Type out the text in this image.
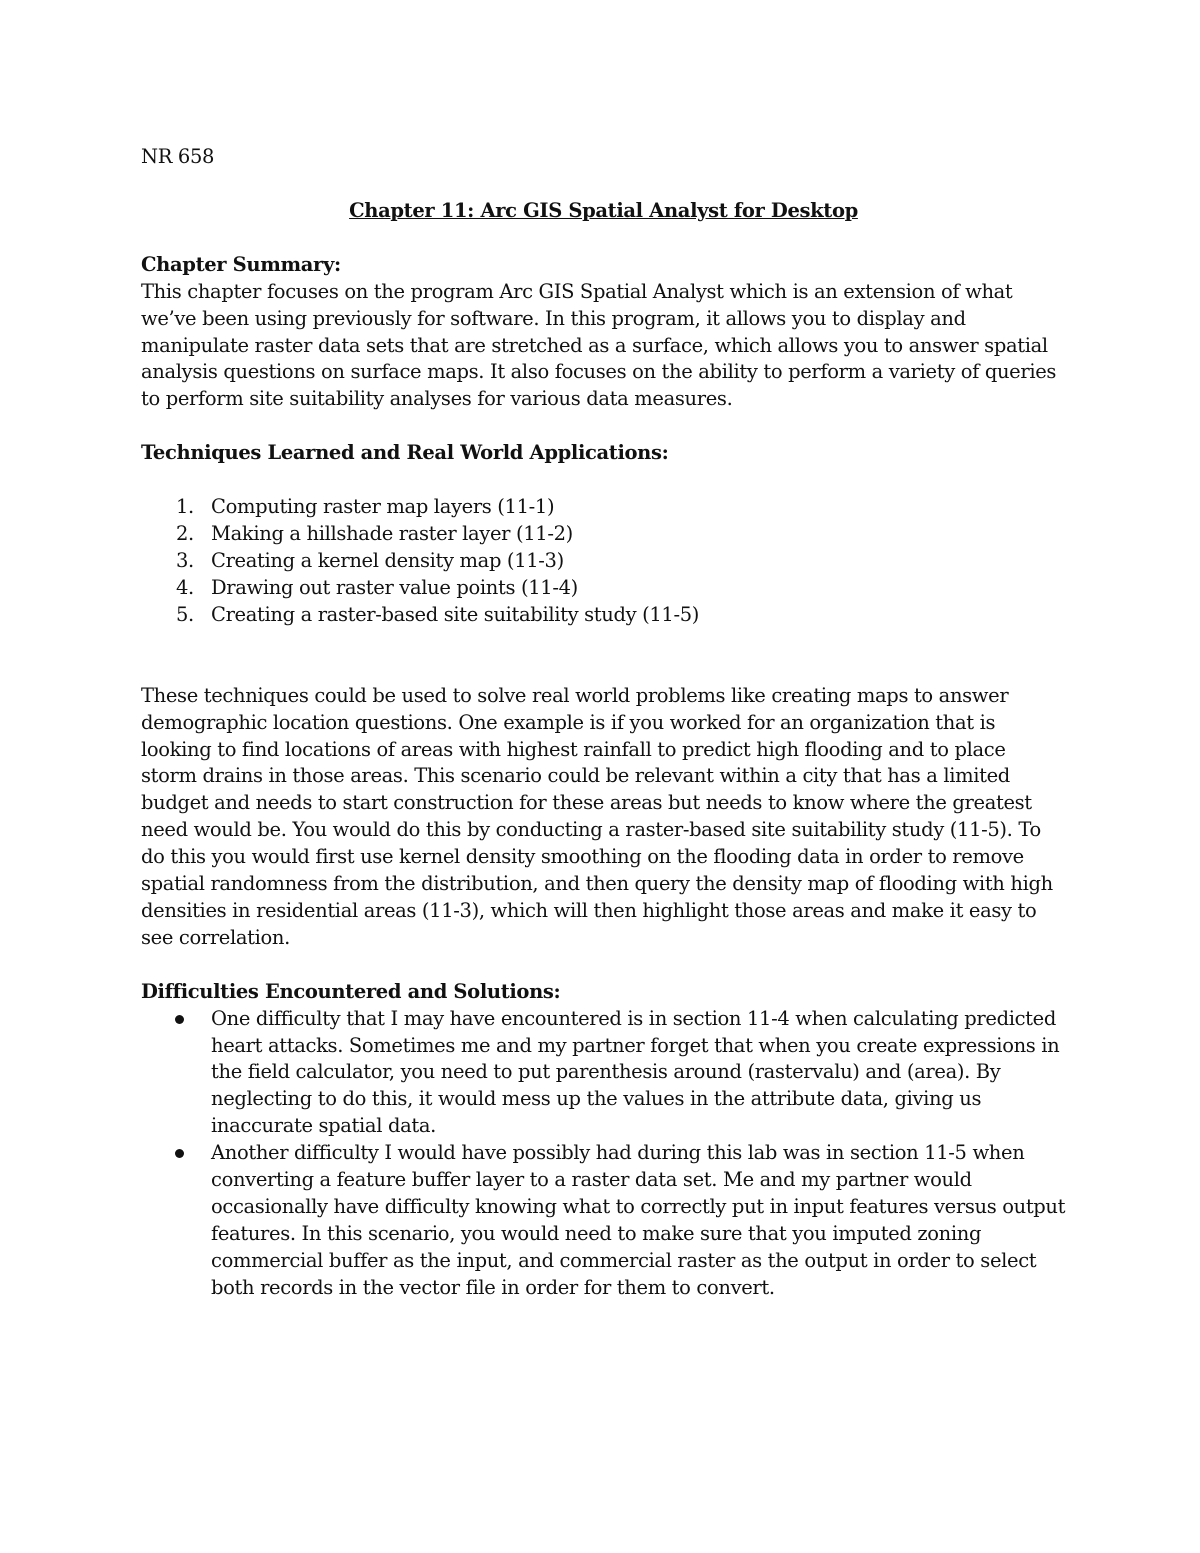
NR 658

Chapter 11: Arc GIS Spatial Analyst for Desktop

Chapter Summary:

This chapter focuses on the program Arc GIS Spatial Analyst which is an extension of what we’ve been using previously for software. In this program, it allows you to display and manipulate raster data sets that are stretched as a surface, which allows you to answer spatial analysis questions on surface maps. It also focuses on the ability to perform a variety of queries to perform site suitability analyses for various data measures.

Techniques Learned and Real World Applications:

1. Computing raster map layers (11-1)
2. Making a hillshade raster layer (11-2)
3. Creating a kernel density map (11-3)
4. Drawing out raster value points (11-4)
5. Creating a raster-based site suitability study (11-5)

These techniques could be used to solve real world problems like creating maps to answer demographic location questions. One example is if you worked for an organization that is looking to find locations of areas with highest rainfall to predict high flooding and to place storm drains in those areas. This scenario could be relevant within a city that has a limited budget and needs to start construction for these areas but needs to know where the greatest need would be. You would do this by conducting a raster-based site suitability study (11-5). To do this you would first use kernel density smoothing on the flooding data in order to remove spatial randomness from the distribution, and then query the density map of flooding with high densities in residential areas (11-3), which will then highlight those areas and make it easy to see correlation.

Difficulties Encountered and Solutions:

One difficulty that I may have encountered is in section 11-4 when calculating predicted heart attacks. Sometimes me and my partner forget that when you create expressions in the field calculator, you need to put parenthesis around (rastervalu) and (area). By neglecting to do this, it would mess up the values in the attribute data, giving us inaccurate spatial data.
Another difficulty I would have possibly had during this lab was in section 11-5 when converting a feature buffer layer to a raster data set. Me and my partner would occasionally have difficulty knowing what to correctly put in input features versus output features. In this scenario, you would need to make sure that you imputed zoning commercial buffer as the input, and commercial raster as the output in order to select both records in the vector file in order for them to convert.
